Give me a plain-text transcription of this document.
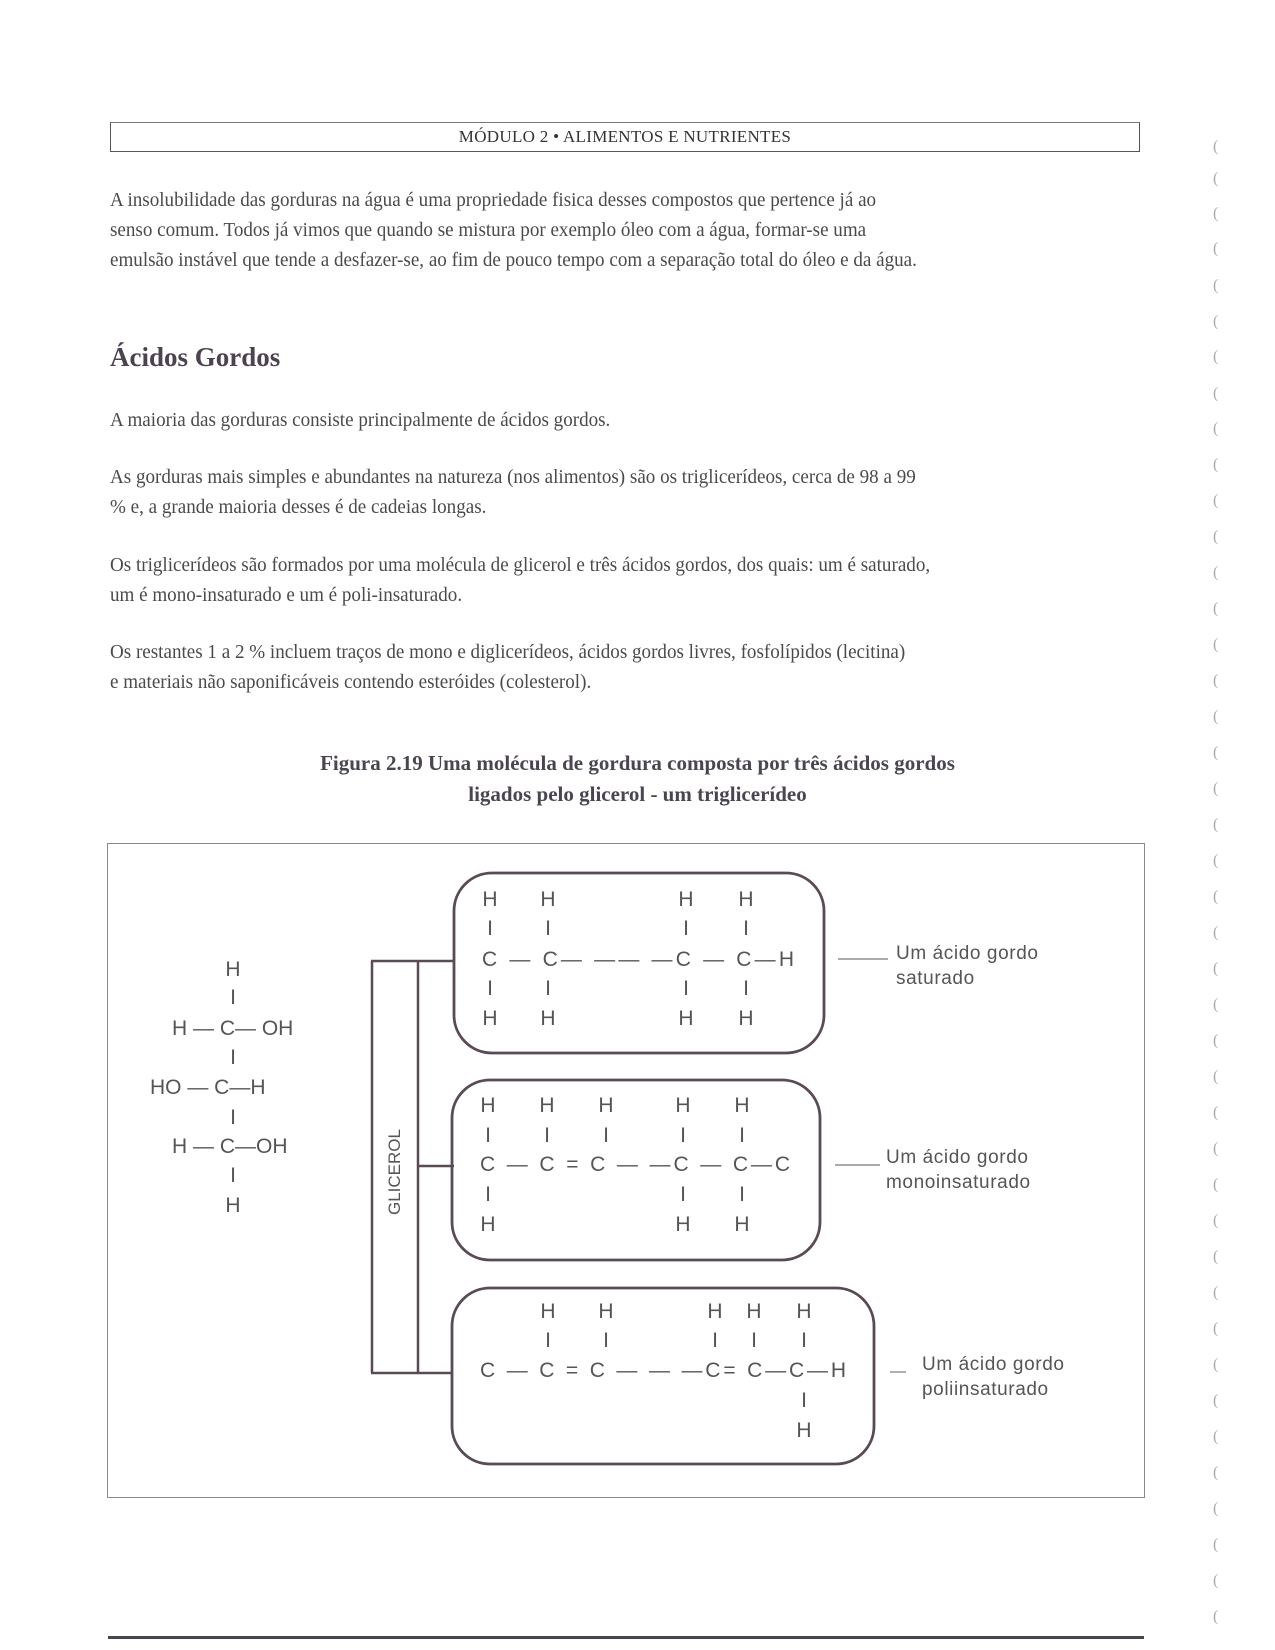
MÓDULO 2 • ALIMENTOS E NUTRIENTES
A insolubilidade das gorduras na água é uma propriedade fisica desses compostos que pertence já ao
senso comum. Todos já vimos que quando se mistura por exemplo óleo com a água, formar-se uma
emulsão instável que tende a desfazer-se, ao fim de pouco tempo com a separação total do óleo e da água.
Ácidos Gordos
A maioria das gorduras consiste principalmente de ácidos gordos.
As gorduras mais simples e abundantes na natureza (nos alimentos) são os triglicerídeos, cerca de 98 a 99
% e, a grande maioria desses é de cadeias longas.
Os triglicerídeos são formados por uma molécula de glicerol e três ácidos gordos, dos quais: um é saturado,
um é mono-insaturado e um é poli-insaturado.
Os restantes 1 a 2 % incluem traços de mono e diglicerídeos, ácidos gordos livres, fosfolípidos (lecitina)
e materiais não saponificáveis contendo esteróides (colesterol).
Figura 2.19 Uma molécula de gordura composta por três ácidos gordos
ligados pelo glicerol - um triglicerídeo
H
I
H — C— OH
I
HO — C—H
I
H — C—OH
I
H	GLICEROL
H H	H H
I I	I	I
C — C— —— —C — C—H
I I	I	I
H H	H H
H H H	H H
I	I	I	I	I
C — C = C — —C — C—C
I	I	I
H	H H
H H	H H H
I I	I I I
C — C = C — — —C= C—C—H
I
H
Um ácido gordo
saturado
Um ácido gordo
monoinsaturado
Um ácido gordo
poliinsaturado
(
(
(
(
(
(
(
(
(
(
(
(
(
(
(
(
(
(
(
(
(
(
(
(
(
(
(
(
(
(
(
(
(
(
(
(
(
(
(
(
(
(
